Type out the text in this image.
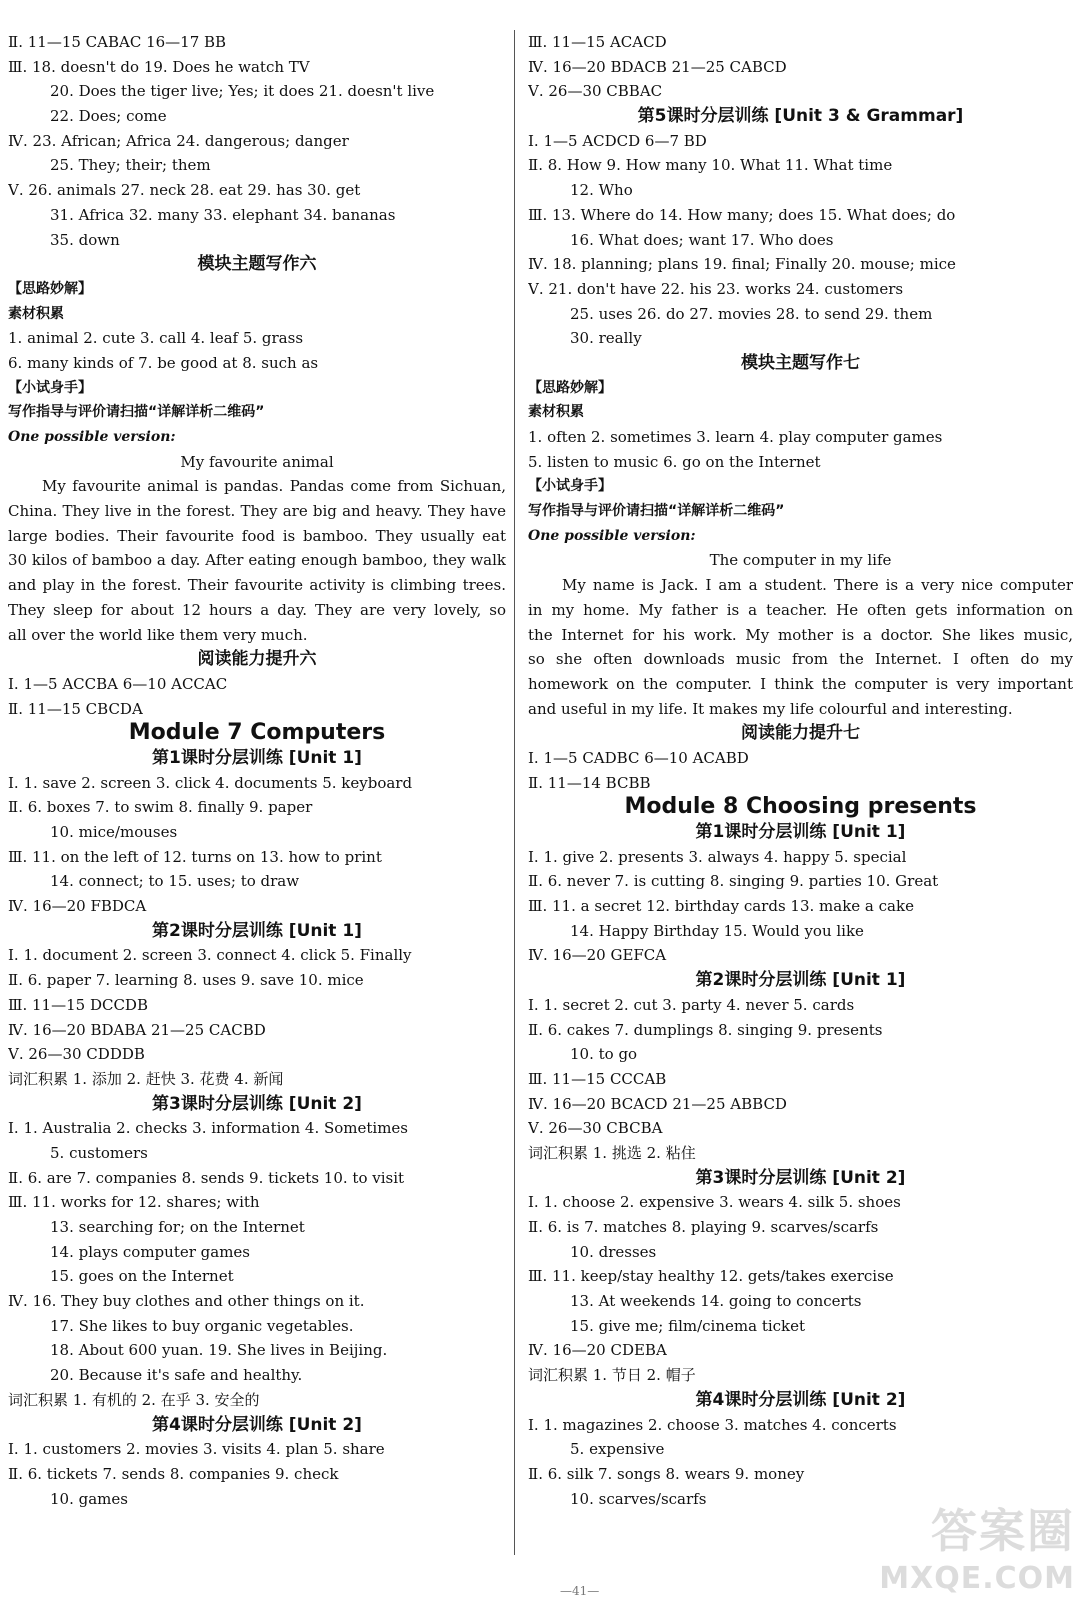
Ⅱ. 11—15 CABAC 16—17 BB
Ⅲ. 18. doesn't do 19. Does he watch TV
20. Does the tiger live; Yes; it does 21. doesn't live
22. Does; come
Ⅳ. 23. African; Africa 24. dangerous; danger
25. They; their; them
Ⅴ. 26. animals 27. neck 28. eat 29. has 30. get
31. Africa 32. many 33. elephant 34. bananas
35. down
模块主题写作六
【思路妙解】
素材积累
1. animal 2. cute 3. call 4. leaf 5. grass
6. many kinds of 7. be good at 8. such as
【小试身手】
写作指导与评价请扫描“详解详析二维码”
One possible version:
My favourite animal
My favourite animal is pandas. Pandas come from Sichuan,
China. They live in the forest. They are big and heavy. They have
large bodies. Their favourite food is bamboo. They usually eat
30 kilos of bamboo a day. After eating enough bamboo, they walk
and play in the forest. Their favourite activity is climbing trees.
They sleep for about 12 hours a day. They are very lovely, so
all over the world like them very much.
阅读能力提升六
Ⅰ. 1—5 ACCBA 6—10 ACCAC
Ⅱ. 11—15 CBCDA
Module 7 Computers
第1课时分层训练 [Unit 1]
Ⅰ. 1. save 2. screen 3. click 4. documents 5. keyboard
Ⅱ. 6. boxes 7. to swim 8. finally 9. paper
10. mice/mouses
Ⅲ. 11. on the left of 12. turns on 13. how to print
14. connect; to 15. uses; to draw
Ⅳ. 16—20 FBDCA
第2课时分层训练 [Unit 1]
Ⅰ. 1. document 2. screen 3. connect 4. click 5. Finally
Ⅱ. 6. paper 7. learning 8. uses 9. save 10. mice
Ⅲ. 11—15 DCCDB
Ⅳ. 16—20 BDABA 21—25 CACBD
Ⅴ. 26—30 CDDDB
词汇积累 1. 添加 2. 赶快 3. 花费 4. 新闻
第3课时分层训练 [Unit 2]
Ⅰ. 1. Australia 2. checks 3. information 4. Sometimes
5. customers
Ⅱ. 6. are 7. companies 8. sends 9. tickets 10. to visit
Ⅲ. 11. works for 12. shares; with
13. searching for; on the Internet
14. plays computer games
15. goes on the Internet
Ⅳ. 16. They buy clothes and other things on it.
17. She likes to buy organic vegetables.
18. About 600 yuan. 19. She lives in Beijing.
20. Because it's safe and healthy.
词汇积累 1. 有机的 2. 在乎 3. 安全的
第4课时分层训练 [Unit 2]
Ⅰ. 1. customers 2. movies 3. visits 4. plan 5. share
Ⅱ. 6. tickets 7. sends 8. companies 9. check
10. games
Ⅲ. 11—15 ACACD
Ⅳ. 16—20 BDACB 21—25 CABCD
Ⅴ. 26—30 CBBAC
第5课时分层训练 [Unit 3 & Grammar]
Ⅰ. 1—5 ACDCD 6—7 BD
Ⅱ. 8. How 9. How many 10. What 11. What time
12. Who
Ⅲ. 13. Where do 14. How many; does 15. What does; do
16. What does; want 17. Who does
Ⅳ. 18. planning; plans 19. final; Finally 20. mouse; mice
Ⅴ. 21. don't have 22. his 23. works 24. customers
25. uses 26. do 27. movies 28. to send 29. them
30. really
模块主题写作七
【思路妙解】
素材积累
1. often 2. sometimes 3. learn 4. play computer games
5. listen to music 6. go on the Internet
【小试身手】
写作指导与评价请扫描“详解详析二维码”
One possible version:
The computer in my life
My name is Jack. I am a student. There is a very nice computer
in my home. My father is a teacher. He often gets information on
the Internet for his work. My mother is a doctor. She likes music,
so she often downloads music from the Internet. I often do my
homework on the computer. I think the computer is very important
and useful in my life. It makes my life colourful and interesting.
阅读能力提升七
Ⅰ. 1—5 CADBC 6—10 ACABD
Ⅱ. 11—14 BCBB
Module 8 Choosing presents
第1课时分层训练 [Unit 1]
Ⅰ. 1. give 2. presents 3. always 4. happy 5. special
Ⅱ. 6. never 7. is cutting 8. singing 9. parties 10. Great
Ⅲ. 11. a secret 12. birthday cards 13. make a cake
14. Happy Birthday 15. Would you like
Ⅳ. 16—20 GEFCA
第2课时分层训练 [Unit 1]
Ⅰ. 1. secret 2. cut 3. party 4. never 5. cards
Ⅱ. 6. cakes 7. dumplings 8. singing 9. presents
10. to go
Ⅲ. 11—15 CCCAB
Ⅳ. 16—20 BCACD 21—25 ABBCD
Ⅴ. 26—30 CBCBA
词汇积累 1. 挑选 2. 粘住
第3课时分层训练 [Unit 2]
Ⅰ. 1. choose 2. expensive 3. wears 4. silk 5. shoes
Ⅱ. 6. is 7. matches 8. playing 9. scarves/scarfs
10. dresses
Ⅲ. 11. keep/stay healthy 12. gets/takes exercise
13. At weekends 14. going to concerts
15. give me; film/cinema ticket
Ⅳ. 16—20 CDEBA
词汇积累 1. 节日 2. 帽子
第4课时分层训练 [Unit 2]
Ⅰ. 1. magazines 2. choose 3. matches 4. concerts
5. expensive
Ⅱ. 6. silk 7. songs 8. wears 9. money
10. scarves/scarfs
答案圈
MXQE.COM
—41—
